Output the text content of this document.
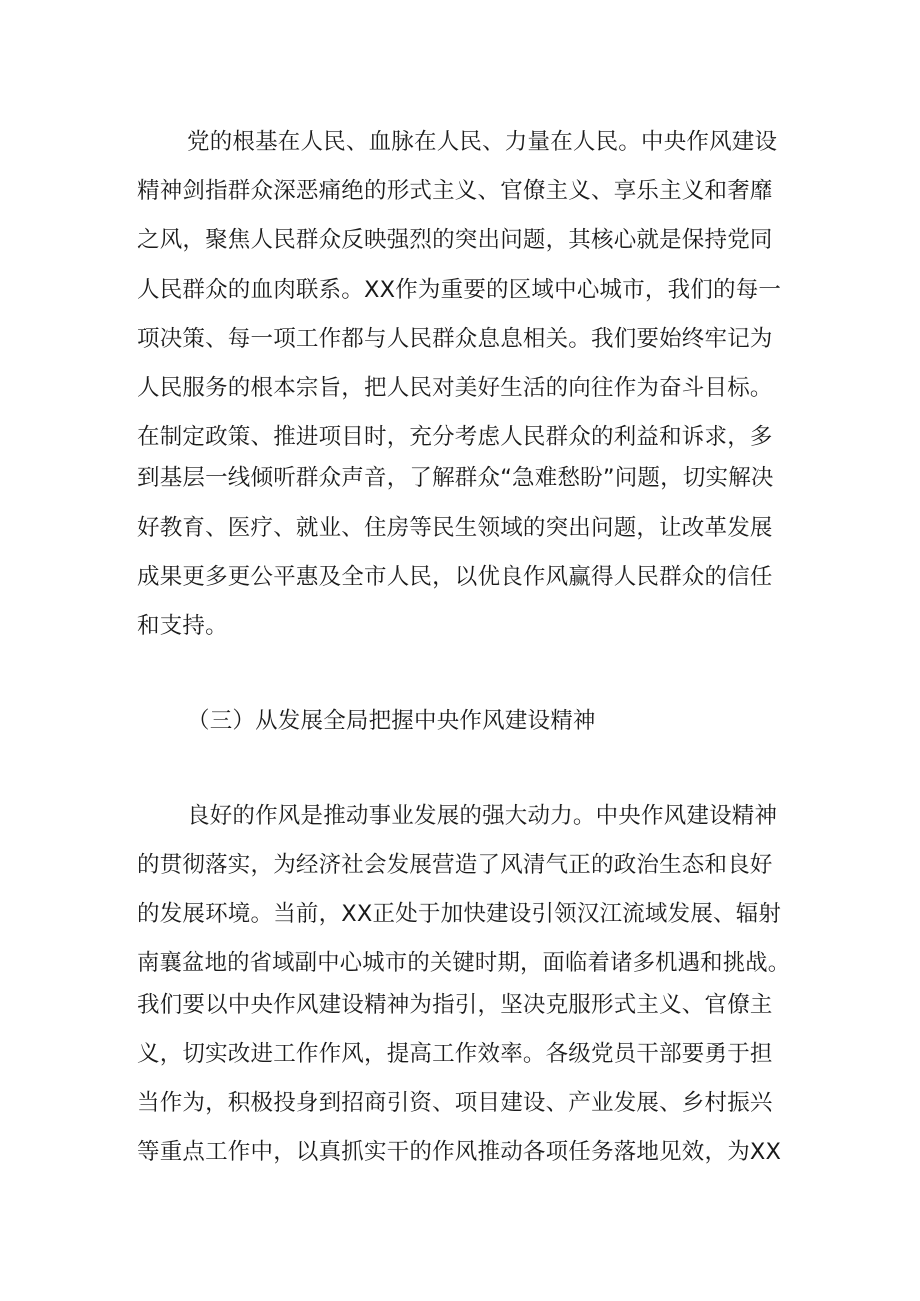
党的根基在人民、血脉在人民、力量在人民。中央作风建设
精神剑指群众深恶痛绝的形式主义、官僚主义、享乐主义和奢靡
之风，聚焦人民群众反映强烈的突出问题，其核心就是保持党同
人民群众的血肉联系。XX作为重要的区域中心城市，我们的每一
项决策、每一项工作都与人民群众息息相关。我们要始终牢记为
人民服务的根本宗旨，把人民对美好生活的向往作为奋斗目标。
在制定政策、推进项目时，充分考虑人民群众的利益和诉求，多
到基层一线倾听群众声音，了解群众“急难愁盼”问题，切实解决
好教育、医疗、就业、住房等民生领域的突出问题，让改革发展
成果更多更公平惠及全市人民，以优良作风赢得人民群众的信任
和支持。
（三）从发展全局把握中央作风建设精神
良好的作风是推动事业发展的强大动力。中央作风建设精神
的贯彻落实，为经济社会发展营造了风清气正的政治生态和良好
的发展环境。当前，XX正处于加快建设引领汉江流域发展、辐射
南襄盆地的省域副中心城市的关键时期，面临着诸多机遇和挑战。
我们要以中央作风建设精神为指引，坚决克服形式主义、官僚主
义，切实改进工作作风，提高工作效率。各级党员干部要勇于担
当作为，积极投身到招商引资、项目建设、产业发展、乡村振兴
等重点工作中，以真抓实干的作风推动各项任务落地见效，为XX
